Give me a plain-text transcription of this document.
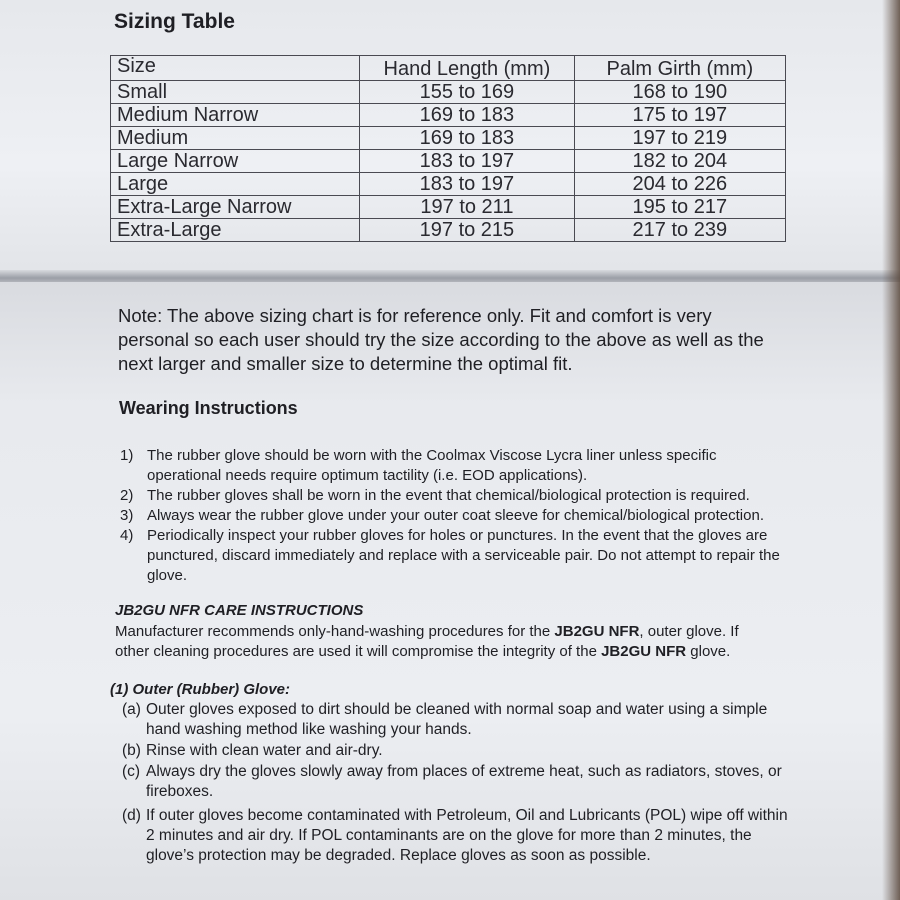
Sizing Table
Size	Hand Length (mm)	Palm Girth (mm)
Small	155 to 169	168 to 190
Medium Narrow	169 to 183	175 to 197
Medium	169 to 183	197 to 219
Large Narrow	183 to 197	182 to 204
Large	183 to 197	204 to 226
Extra-Large Narrow	197 to 211	195 to 217
Extra-Large	197 to 215	217 to 239
Note: The above sizing chart is for reference only. Fit and comfort is very personal so each user should try the size according to the above as well as the next larger and smaller size to determine the optimal fit.
Wearing Instructions
1) The rubber glove should be worn with the Coolmax Viscose Lycra liner unless specific operational needs require optimum tactility (i.e. EOD applications).
2) The rubber gloves shall be worn in the event that chemical/biological protection is required.
3) Always wear the rubber glove under your outer coat sleeve for chemical/biological protection.
4) Periodically inspect your rubber gloves for holes or punctures. In the event that the gloves are punctured, discard immediately and replace with a serviceable pair. Do not attempt to repair the glove.
JB2GU NFR CARE INSTRUCTIONS
Manufacturer recommends only-hand-washing procedures for the JB2GU NFR, outer glove. If other cleaning procedures are used it will compromise the integrity of the JB2GU NFR glove.
(1) Outer (Rubber) Glove:
(a) Outer gloves exposed to dirt should be cleaned with normal soap and water using a simple hand washing method like washing your hands.
(b) Rinse with clean water and air-dry.
(c) Always dry the gloves slowly away from places of extreme heat, such as radiators, stoves, or fireboxes.
(d) If outer gloves become contaminated with Petroleum, Oil and Lubricants (POL) wipe off within 2 minutes and air dry. If POL contaminants are on the glove for more than 2 minutes, the glove’s protection may be degraded. Replace gloves as soon as possible.
